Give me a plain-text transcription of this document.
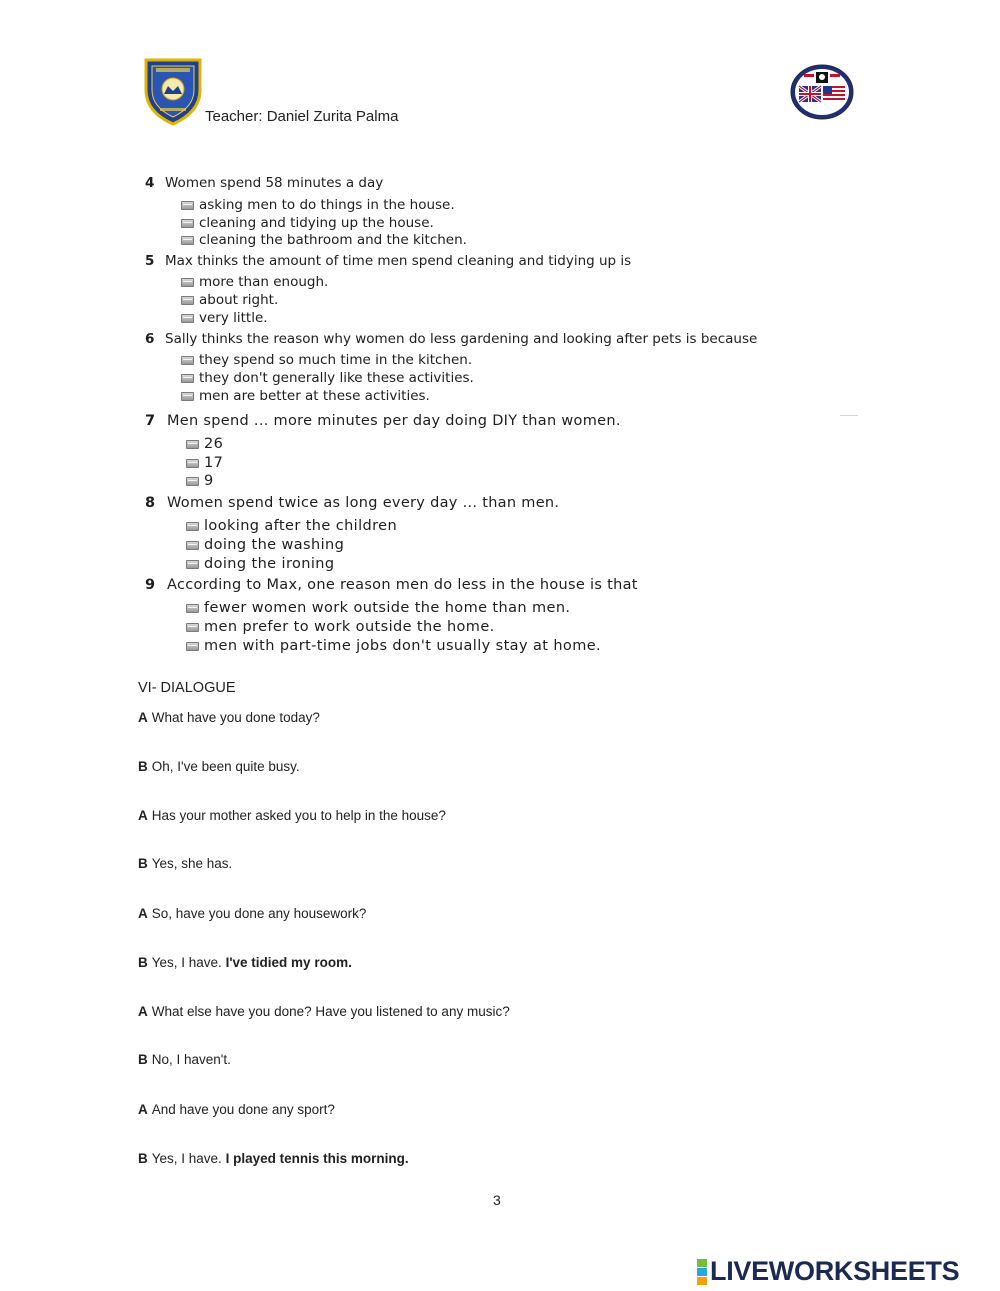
Teacher: Daniel Zurita Palma
4 Women spend 58 minutes a day
asking men to do things in the house.
cleaning and tidying up the house.
cleaning the bathroom and the kitchen.
5 Max thinks the amount of time men spend cleaning and tidying up is
more than enough.
about right.
very little.
6 Sally thinks the reason why women do less gardening and looking after pets is because
they spend so much time in the kitchen.
they don't generally like these activities.
men are better at these activities.
7 Men spend ... more minutes per day doing DIY than women.
26
17
9
8 Women spend twice as long every day ... than men.
looking after the children
doing the washing
doing the ironing
9 According to Max, one reason men do less in the house is that
fewer women work outside the home than men.
men prefer to work outside the home.
men with part-time jobs don't usually stay at home.
VI- DIALOGUE
A What have you done today?
B Oh, I've been quite busy.
A Has your mother asked you to help in the house?
B Yes, she has.
A So, have you done any housework?
B Yes, I have. I've tidied my room.
A What else have you done? Have you listened to any music?
B No, I haven't.
A And have you done any sport?
B Yes, I have. I played tennis this morning.
3
LIVEWORKSHEETS
